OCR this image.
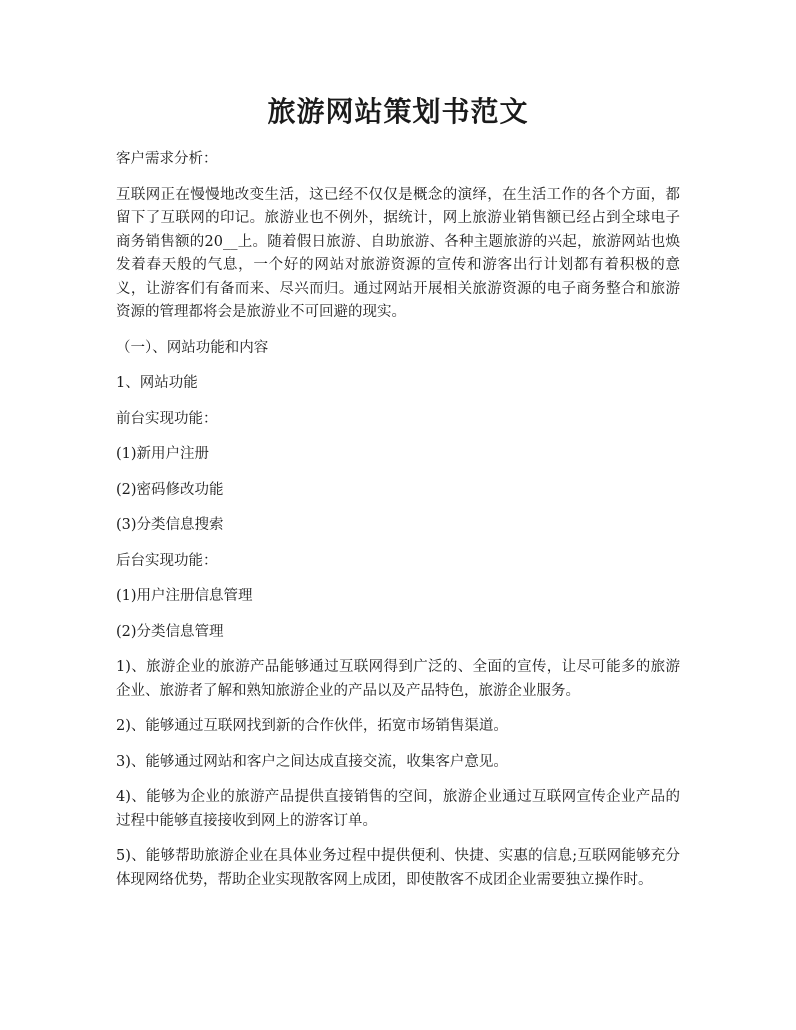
旅游网站策划书范文

客户需求分析：

互联网正在慢慢地改变生活，这已经不仅仅是概念的演绎，在生活工作的各个方面，都留下了互联网的印记。旅游业也不例外，据统计，网上旅游业销售额已经占到全球电子商务销售额的20__上。随着假日旅游、自助旅游、各种主题旅游的兴起，旅游网站也焕发着春天般的气息，一个好的网站对旅游资源的宣传和游客出行计划都有着积极的意义，让游客们有备而来、尽兴而归。通过网站开展相关旅游资源的电子商务整合和旅游资源的管理都将会是旅游业不可回避的现实。

（一）、网站功能和内容

1、网站功能

前台实现功能：

(1)新用户注册

(2)密码修改功能

(3)分类信息搜索

后台实现功能：

(1)用户注册信息管理

(2)分类信息管理

1)、旅游企业的旅游产品能够通过互联网得到广泛的、全面的宣传，让尽可能多的旅游企业、旅游者了解和熟知旅游企业的产品以及产品特色，旅游企业服务。

2)、能够通过互联网找到新的合作伙伴，拓宽市场销售渠道。

3)、能够通过网站和客户之间达成直接交流，收集客户意见。

4)、能够为企业的旅游产品提供直接销售的空间，旅游企业通过互联网宣传企业产品的过程中能够直接接收到网上的游客订单。

5)、能够帮助旅游企业在具体业务过程中提供便利、快捷、实惠的信息;互联网能够充分体现网络优势，帮助企业实现散客网上成团，即使散客不成团企业需要独立操作时。
